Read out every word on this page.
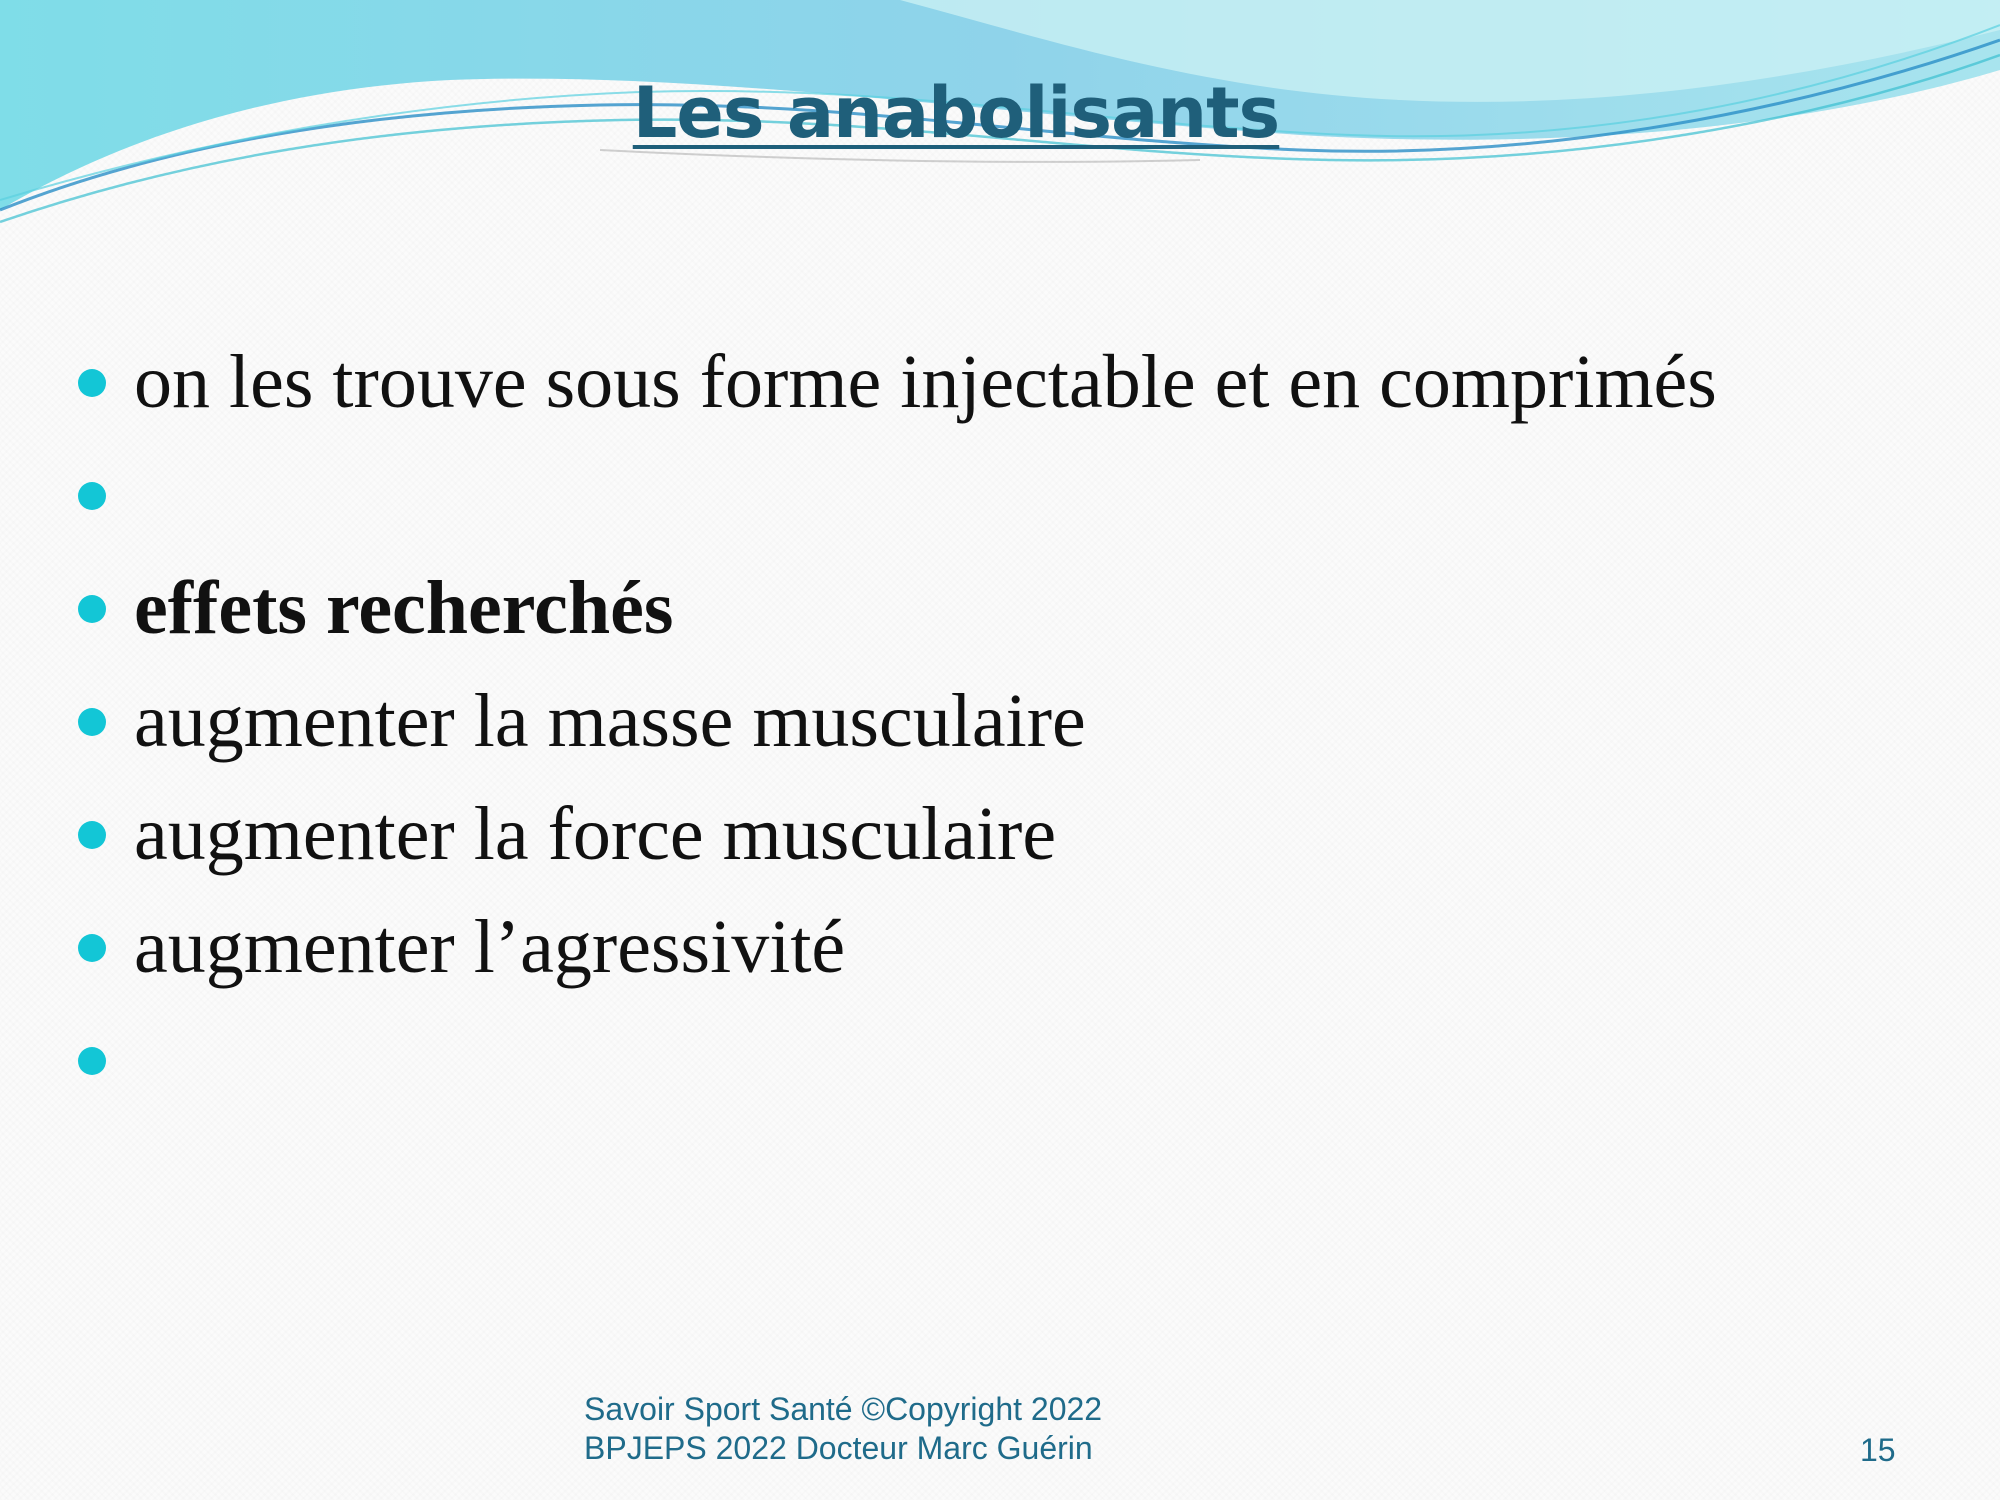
Les anabolisants
on les trouve sous forme injectable et en comprimés
effets recherchés
augmenter la masse musculaire
augmenter la force musculaire
augmenter l’agressivité
Savoir Sport Santé ©Copyright 2022
BPJEPS 2022 Docteur Marc Guérin	15
